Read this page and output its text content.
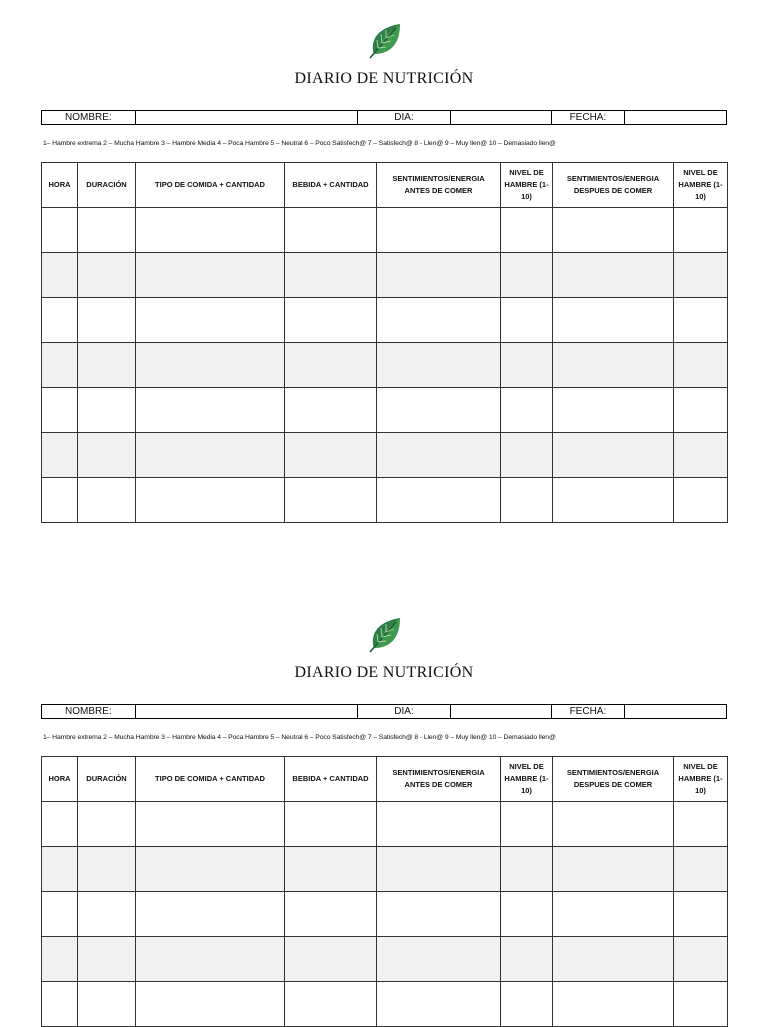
DIARIO DE NUTRICIÓN
NOMBRE:	DIA:	FECHA:
1– Hambre extrema 2 – Mucha Hambre 3 – Hambre Media 4 – Poca Hambre 5 – Neutral 6 – Poco Satisfech@ 7 – Satisfech@ 8 - Llen@ 9 – Muy llen@ 10 – Demasiado llen@
HORA	DURACIÓN	TIPO DE COMIDA + CANTIDAD	BEBIDA + CANTIDAD	SENTIMIENTOS/ENERGIA ANTES DE COMER	NIVEL DE HAMBRE (1-10)	SENTIMIENTOS/ENERGIA DESPUES DE COMER	NIVEL DE HAMBRE (1-10)

DIARIO DE NUTRICIÓN
NOMBRE:	DIA:	FECHA:
1– Hambre extrema 2 – Mucha Hambre 3 – Hambre Media 4 – Poca Hambre 5 – Neutral 6 – Poco Satisfech@ 7 – Satisfech@ 8 - Llen@ 9 – Muy llen@ 10 – Demasiado llen@
HORA	DURACIÓN	TIPO DE COMIDA + CANTIDAD	BEBIDA + CANTIDAD	SENTIMIENTOS/ENERGIA ANTES DE COMER	NIVEL DE HAMBRE (1-10)	SENTIMIENTOS/ENERGIA DESPUES DE COMER	NIVEL DE HAMBRE (1-10)
